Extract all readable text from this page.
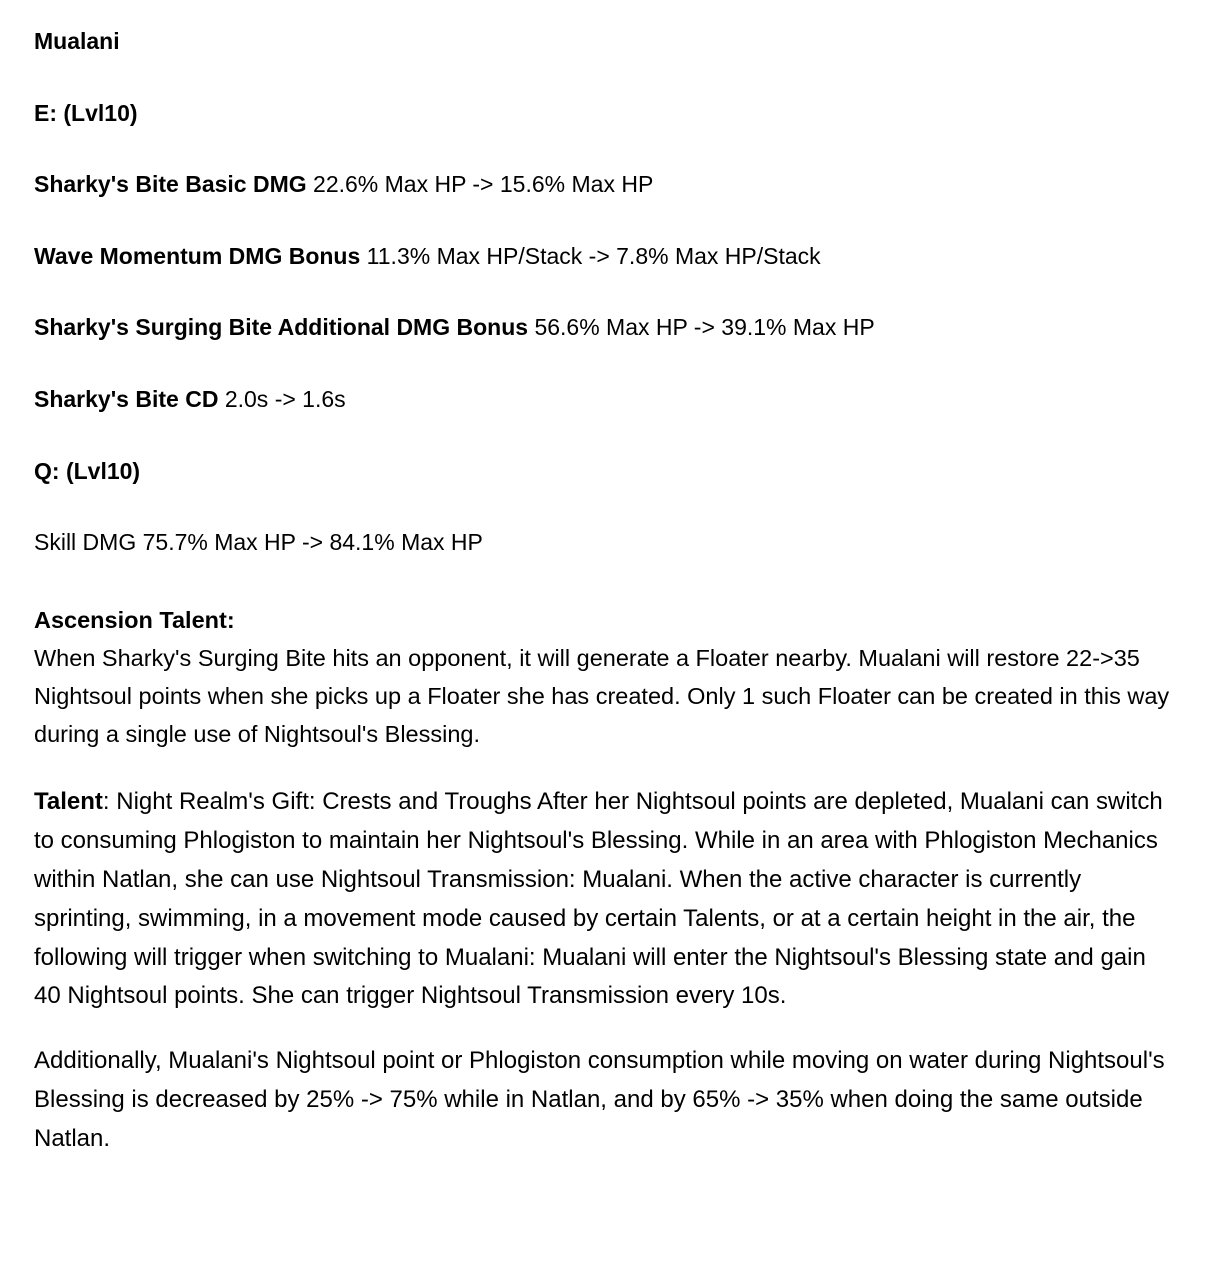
Mualani
E: (Lvl10)
Sharky's Bite Basic DMG 22.6% Max HP -> 15.6% Max HP
Wave Momentum DMG Bonus 11.3% Max HP/Stack -> 7.8% Max HP/Stack
Sharky's Surging Bite Additional DMG Bonus 56.6% Max HP -> 39.1% Max HP
Sharky's Bite CD 2.0s -> 1.6s
Q: (Lvl10)
Skill DMG 75.7% Max HP -> 84.1% Max HP
Ascension Talent:
When Sharky's Surging Bite hits an opponent, it will generate a Floater nearby. Mualani will restore 22->35 Nightsoul points when she picks up a Floater she has created. Only 1 such Floater can be created in this way during a single use of Nightsoul's Blessing.
Talent: Night Realm's Gift: Crests and Troughs After her Nightsoul points are depleted, Mualani can switch to consuming Phlogiston to maintain her Nightsoul's Blessing. While in an area with Phlogiston Mechanics within Natlan, she can use Nightsoul Transmission: Mualani. When the active character is currently sprinting, swimming, in a movement mode caused by certain Talents, or at a certain height in the air, the following will trigger when switching to Mualani: Mualani will enter the Nightsoul's Blessing state and gain 40 Nightsoul points. She can trigger Nightsoul Transmission every 10s.
Additionally, Mualani's Nightsoul point or Phlogiston consumption while moving on water during Nightsoul's Blessing is decreased by 25% -> 75% while in Natlan, and by 65% -> 35% when doing the same outside Natlan.
